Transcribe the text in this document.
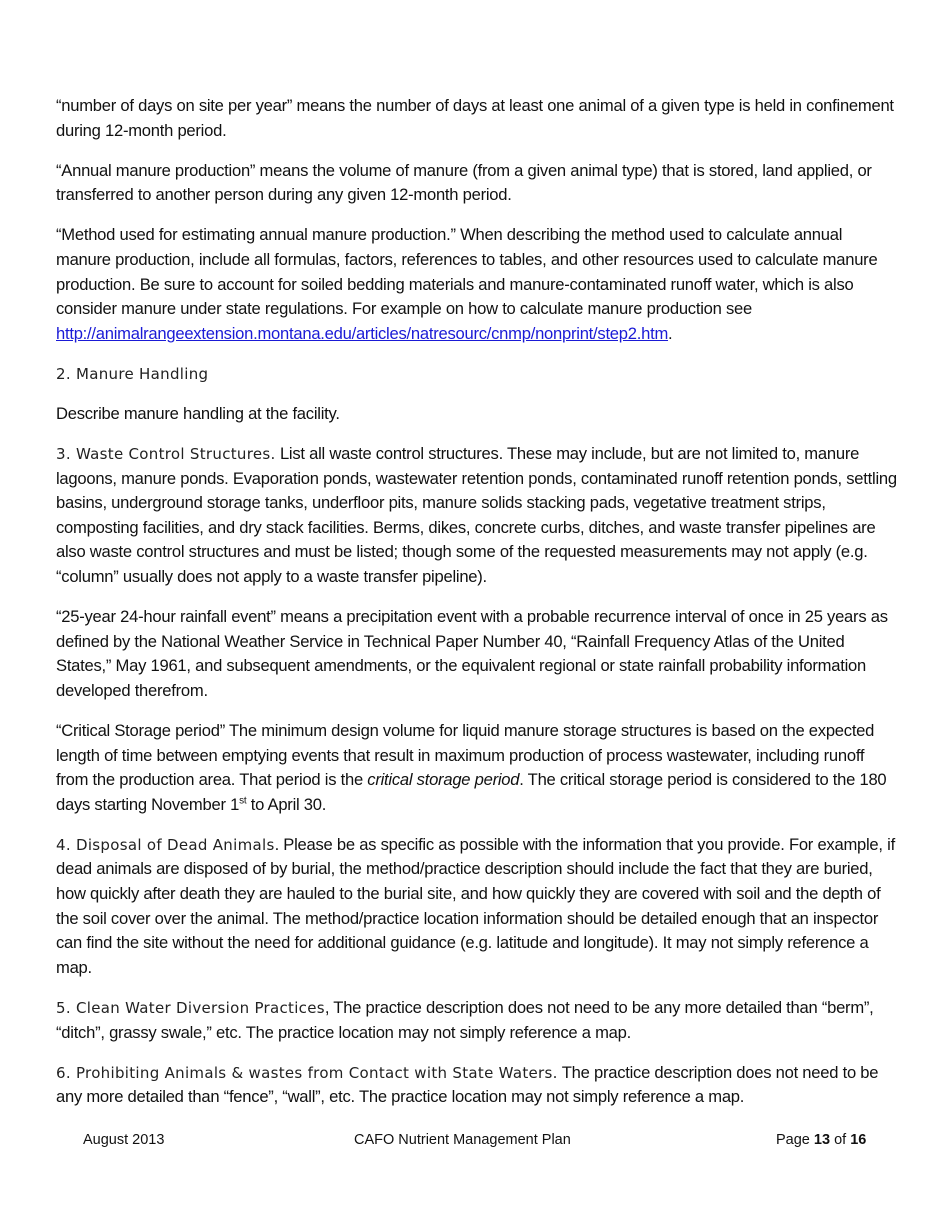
“number of days on site per year” means the number of days at least one animal of a given type is held in confinement during 12-month period.

“Annual manure production” means the volume of manure (from a given animal type) that is stored, land applied, or transferred to another person during any given 12-month period.

“Method used for estimating annual manure production.” When describing the method used to calculate annual manure production, include all formulas, factors, references to tables, and other resources used to calculate manure production. Be sure to account for soiled bedding materials and manure-contaminated runoff water, which is also consider manure under state regulations. For example on how to calculate manure production see http://animalrangeextension.montana.edu/articles/natresourc/cnmp/nonprint/step2.htm.

2. Manure Handling

Describe manure handling at the facility.

3. Waste Control Structures. List all waste control structures. These may include, but are not limited to, manure lagoons, manure ponds. Evaporation ponds, wastewater retention ponds, contaminated runoff retention ponds, settling basins, underground storage tanks, underfloor pits, manure solids stacking pads, vegetative treatment strips, composting facilities, and dry stack facilities. Berms, dikes, concrete curbs, ditches, and waste transfer pipelines are also waste control structures and must be listed; though some of the requested measurements may not apply (e.g. “column” usually does not apply to a waste transfer pipeline).

“25-year 24-hour rainfall event” means a precipitation event with a probable recurrence interval of once in 25 years as defined by the National Weather Service in Technical Paper Number 40, “Rainfall Frequency Atlas of the United States,” May 1961, and subsequent amendments, or the equivalent regional or state rainfall probability information developed therefrom.

“Critical Storage period” The minimum design volume for liquid manure storage structures is based on the expected length of time between emptying events that result in maximum production of process wastewater, including runoff from the production area. That period is the critical storage period. The critical storage period is considered to the 180 days starting November 1st to April 30.

4. Disposal of Dead Animals. Please be as specific as possible with the information that you provide. For example, if dead animals are disposed of by burial, the method/practice description should include the fact that they are buried, how quickly after death they are hauled to the burial site, and how quickly they are covered with soil and the depth of the soil cover over the animal. The method/practice location information should be detailed enough that an inspector can find the site without the need for additional guidance (e.g. latitude and longitude). It may not simply reference a map.

5. Clean Water Diversion Practices, The practice description does not need to be any more detailed than “berm”, “ditch”, grassy swale,” etc. The practice location may not simply reference a map.

6. Prohibiting Animals & wastes from Contact with State Waters. The practice description does not need to be any more detailed than “fence”, “wall”, etc. The practice location may not simply reference a map.

August 2013	CAFO Nutrient Management Plan	Page 13 of 16
